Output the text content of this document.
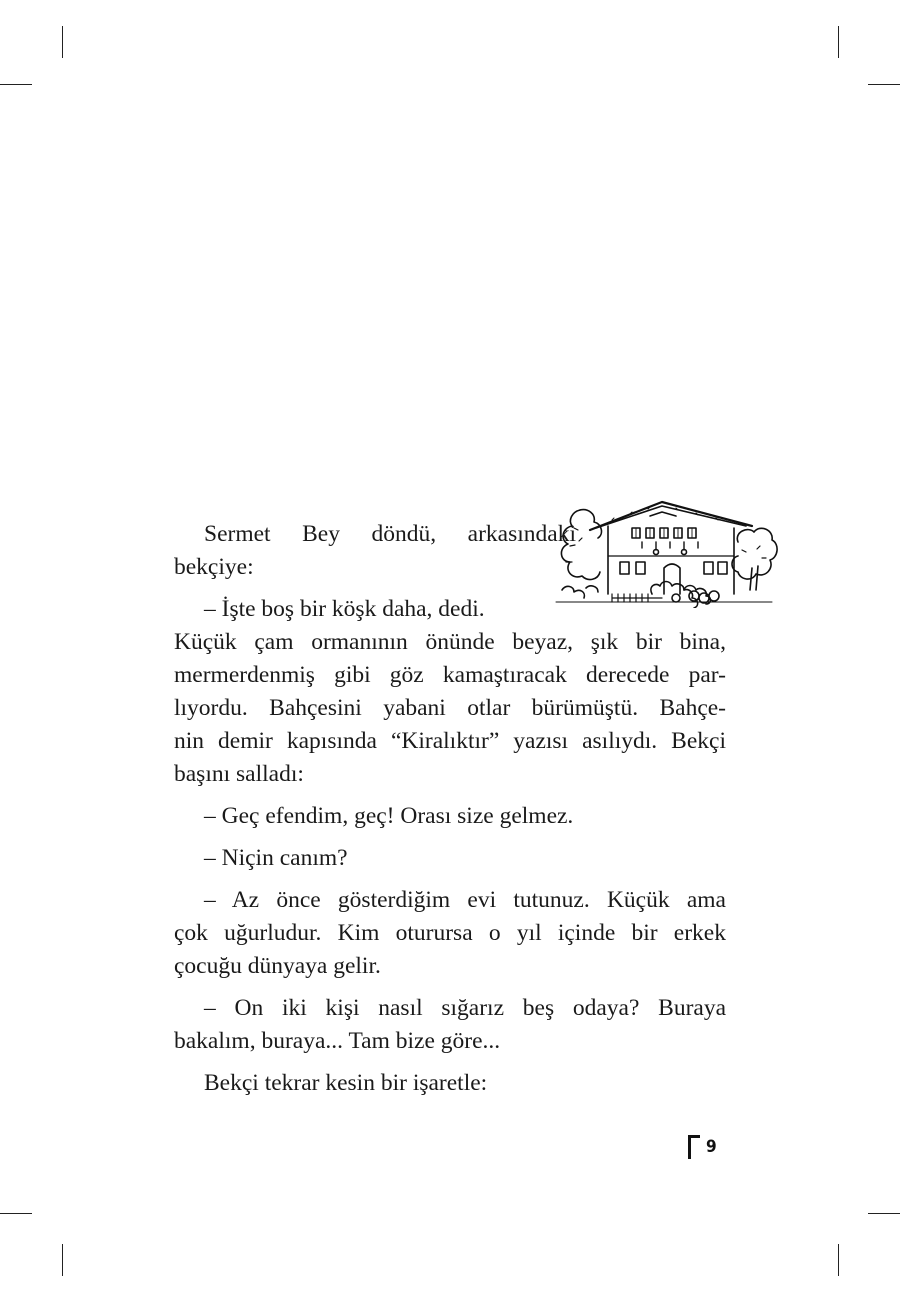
Sermet Bey döndü, arkasındaki
bekçiye:
– İşte boş bir köşk daha, dedi.
Küçük çam ormanının önünde beyaz, şık bir bina,
mermerdenmiş gibi göz kamaştıracak derecede par-
lıyordu. Bahçesini yabani otlar bürümüştü. Bahçe-
nin demir kapısında “Kiralıktır” yazısı asılıydı. Bekçi
başını salladı:
– Geç efendim, geç! Orası size gelmez.
– Niçin canım?
– Az önce gösterdiğim evi tutunuz. Küçük ama
çok uğurludur. Kim oturursa o yıl içinde bir erkek
çocuğu dünyaya gelir.
– On iki kişi nasıl sığarız beş odaya? Buraya
bakalım, buraya... Tam bize göre...
Bekçi tekrar kesin bir işaretle:
9
